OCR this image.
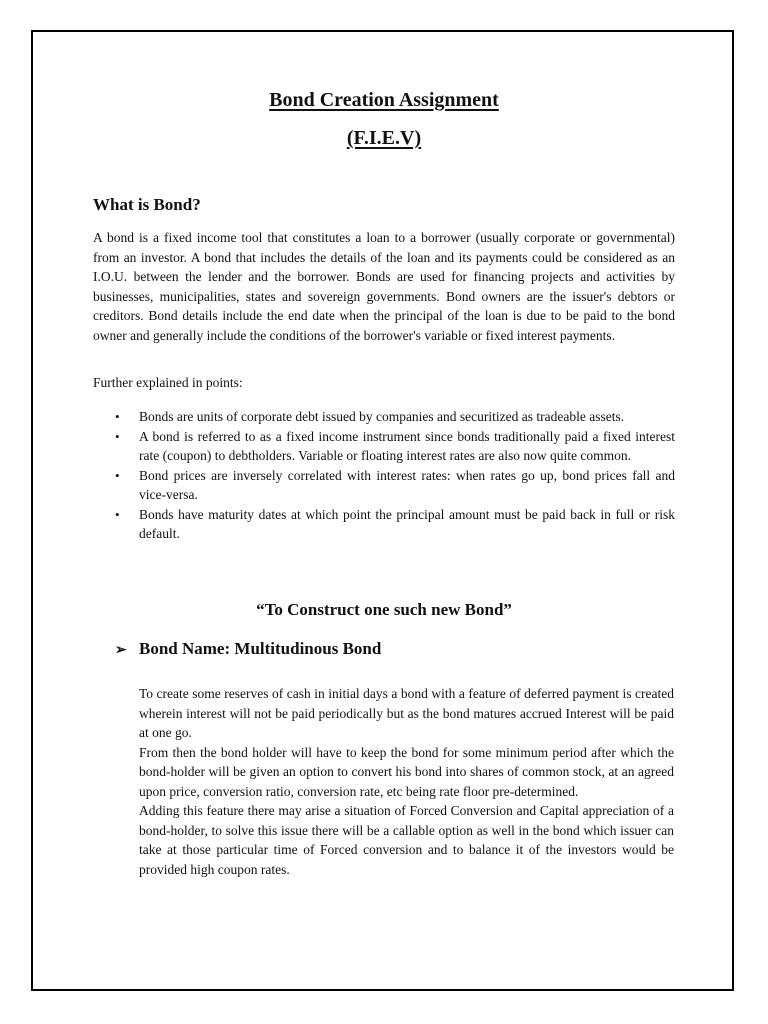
Bond Creation Assignment
(F.I.E.V)
What is Bond?

A bond is a fixed income tool that constitutes a loan to a borrower (usually corporate or governmental) from an investor. A bond that includes the details of the loan and its payments could be considered as an I.O.U. between the lender and the borrower. Bonds are used for financing projects and activities by businesses, municipalities, states and sovereign governments. Bond owners are the issuer's debtors or creditors. Bond details include the end date when the principal of the loan is due to be paid to the bond owner and generally include the conditions of the borrower's variable or fixed interest payments.

Further explained in points:

• Bonds are units of corporate debt issued by companies and securitized as tradeable assets.
• A bond is referred to as a fixed income instrument since bonds traditionally paid a fixed interest rate (coupon) to debtholders. Variable or floating interest rates are also now quite common.
• Bond prices are inversely correlated with interest rates: when rates go up, bond prices fall and vice-versa.
• Bonds have maturity dates at which point the principal amount must be paid back in full or risk default.
“To Construct one such new Bond”
➢ Bond Name: Multitudinous Bond

To create some reserves of cash in initial days a bond with a feature of deferred payment is created wherein interest will not be paid periodically but as the bond matures accrued Interest will be paid at one go.

From then the bond holder will have to keep the bond for some minimum period after which the bond-holder will be given an option to convert his bond into shares of common stock, at an agreed upon price, conversion ratio, conversion rate, etc being rate floor pre-determined.

Adding this feature there may arise a situation of Forced Conversion and Capital appreciation of a bond-holder, to solve this issue there will be a callable option as well in the bond which issuer can take at those particular time of Forced conversion and to balance it of the investors would be provided high coupon rates.
